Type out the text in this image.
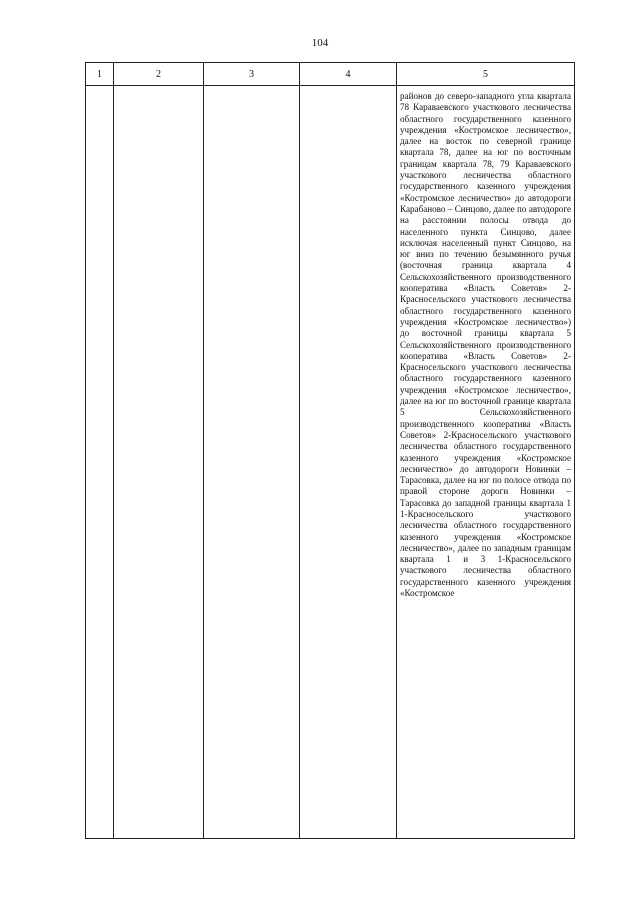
104
1	2	3	4	5
				районов до северо-западного угла квартала 78 Караваевского участкового лесничества областного государственного казенного учреждения «Костромское лесничество», далее на восток по северной границе квартала 78, далее на юг по восточным границам квартала 78, 79 Караваевского участкового лесничества областного государственного казенного учреждения «Костромское лесничество» до автодороги Карабаново – Синцово, далее по автодороге на расстоянии полосы отвода до населенного пункта Синцово, далее исключая населенный пункт Синцово, на юг вниз по течению безымянного ручья (восточная граница квартала 4 Сельскохозяйственного производственного кооператива «Власть Советов» 2-Красносельского участкового лесничества областного государственного казенного учреждения «Костромское лесничество») до восточной границы квартала 5 Сельскохозяйственного производственного кооператива «Власть Советов» 2-Красносельского участкового лесничества областного государственного казенного учреждения «Костромское лесничество», далее на юг по восточной границе квартала 5 Сельскохозяйственного производственного кооператива «Власть Советов» 2-Красносельского участкового лесничества областного государственного казенного учреждения «Костромское лесничество» до автодороги Новинки – Тарасовка, далее на юг по полосе отвода по правой стороне дороги Новинки – Тарасовка до западной границы квартала 1 1-Красносельского участкового лесничества областного государственного казенного учреждения «Костромское лесничество», далее по западным границам квартала 1 и 3 1-Красносельского участкового лесничества областного государственного казенного учреждения «Костромское
